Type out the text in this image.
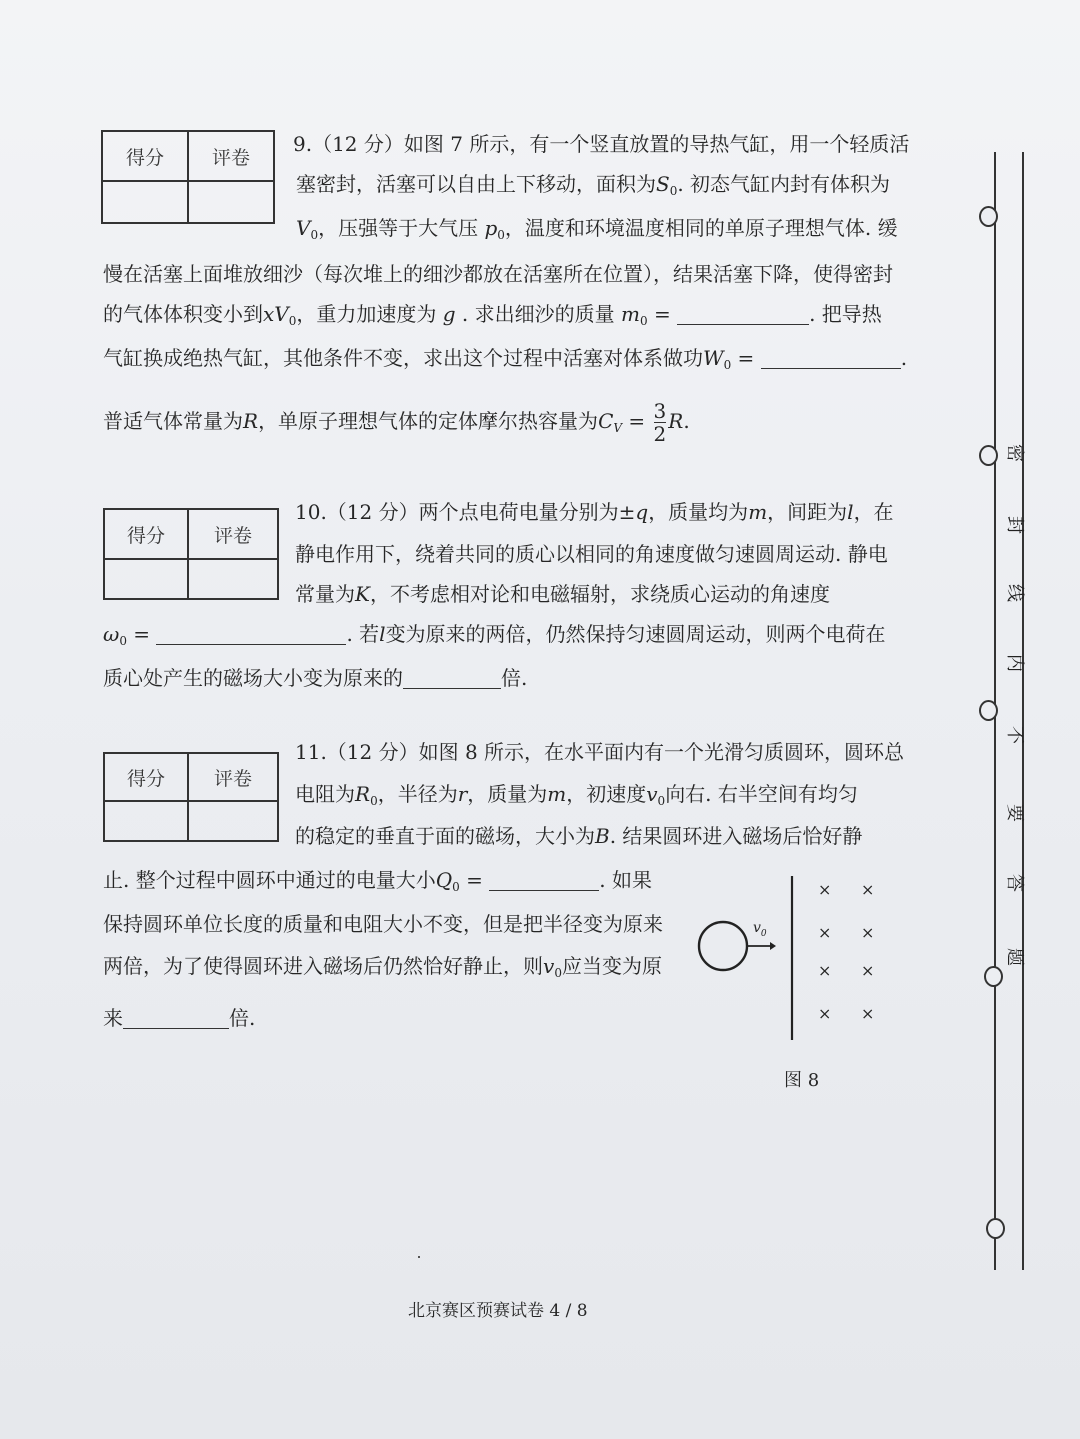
得分	评卷

9.（12 分）如图 7 所示，有一个竖直放置的导热气缸，用一个轻质活
塞密封，活塞可以自由上下移动，面积为$S_0$. 初态气缸内封有体积为
$V_0$，压强等于大气压 $p_0$，温度和环境温度相同的单原子理想气体. 缓
慢在活塞上面堆放细沙（每次堆上的细沙都放在活塞所在位置），结果活塞下降，使得密封
的气体体积变小到$xV_0$，重力加速度为 g . 求出细沙的质量 $m_0$ =	. 把导热
气缸换成绝热气缸，其他条件不变，求出这个过程中活塞对体系做功$W_0$ =	.
普适气体常量为R，单原子理想气体的定体摩尔热容量为$C_V = \frac{3}{2} R$.
得分	评卷

10.（12 分）两个点电荷电量分别为±q，质量均为m，间距为l，在
静电作用下，绕着共同的质心以相同的角速度做匀速圆周运动. 静电
常量为K，不考虑相对论和电磁辐射，求绕质心运动的角速度
$\omega_0$ =	. 若l变为原来的两倍，仍然保持匀速圆周运动，则两个电荷在
质心处产生的磁场大小变为原来的	倍.
得分	评卷

11.（12 分）如图 8 所示，在水平面内有一个光滑匀质圆环，圆环总
电阻为$R_0$，半径为r，质量为m，初速度$v_0$向右. 右半空间有均匀
的稳定的垂直于面的磁场，大小为B. 结果圆环进入磁场后恰好静
止. 整个过程中圆环中通过的电量大小$Q_0$ =	. 如果
保持圆环单位长度的质量和电阻大小不变，但是把半径变为原来
两倍，为了使得圆环进入磁场后仍然恰好静止，则$v_0$应当变为原
来	倍.
$v_0$
× ×
× ×
× ×
× ×
图 8
密
封
线
内
不
要
答
题
北京赛区预赛试卷 4 / 8
